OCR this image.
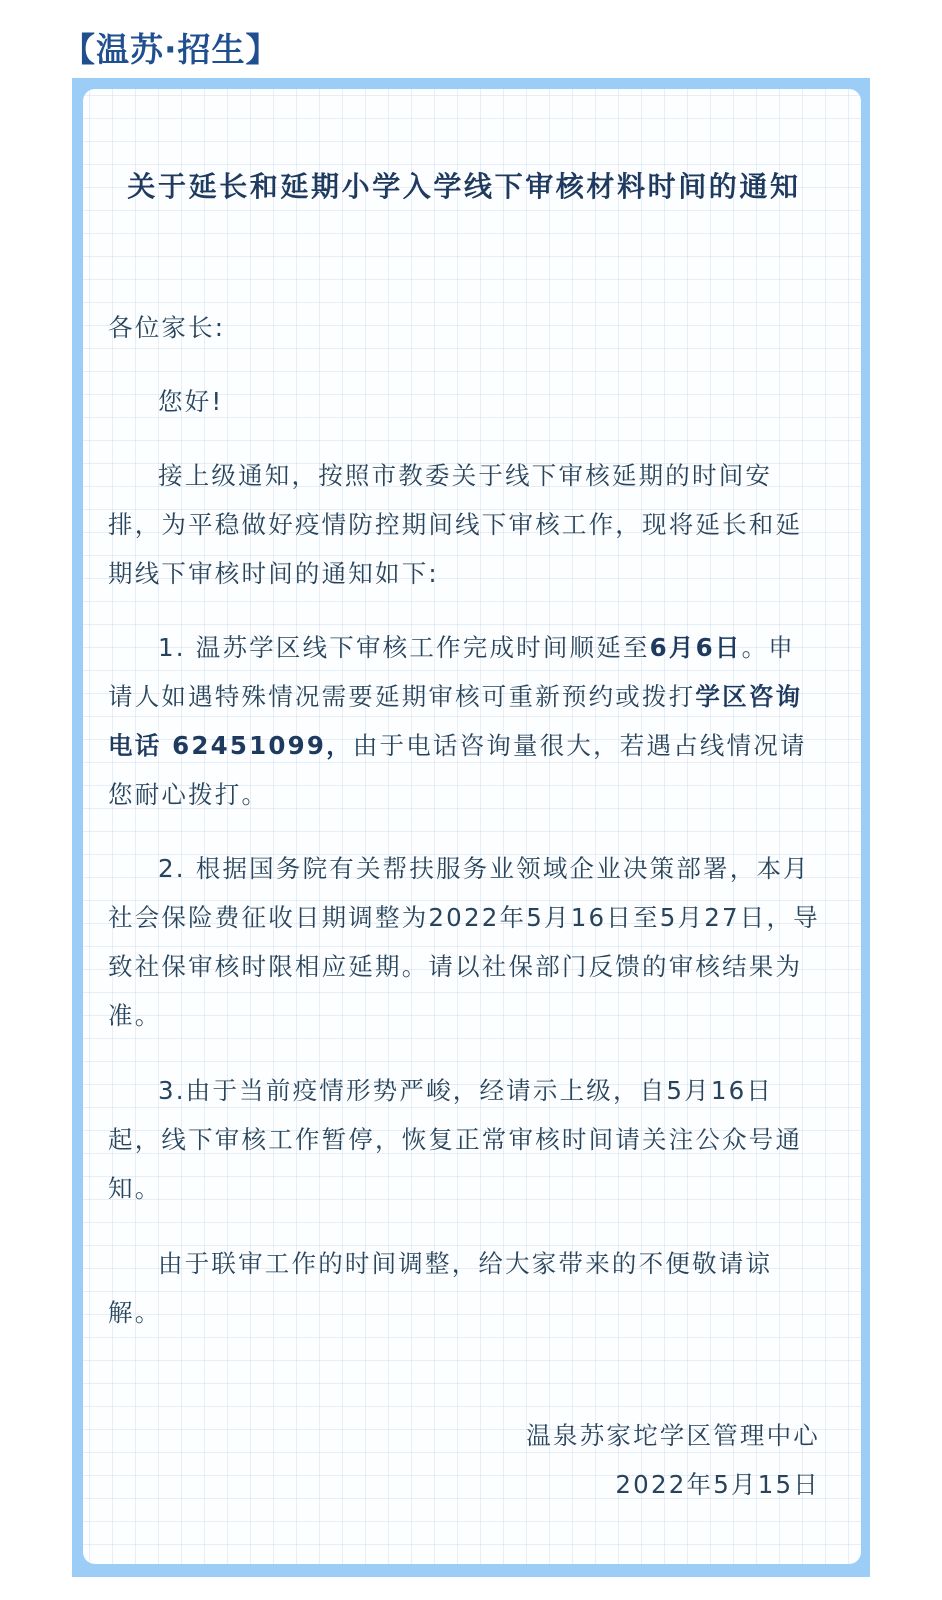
【温苏·招生】
关于延长和延期小学入学线下审核材料时间的通知

各位家长:

您好!

接上级通知，按照市教委关于线下审核延期的时间安排，为平稳做好疫情防控期间线下审核工作，现将延长和延期线下审核时间的通知如下:

1. 温苏学区线下审核工作完成时间顺延至6月6日。申请人如遇特殊情况需要延期审核可重新预约或拨打学区咨询电话 62451099，由于电话咨询量很大，若遇占线情况请您耐心拨打。

2. 根据国务院有关帮扶服务业领域企业决策部署，本月社会保险费征收日期调整为2022年5月16日至5月27日，导致社保审核时限相应延期。请以社保部门反馈的审核结果为准。

3.由于当前疫情形势严峻，经请示上级，自5月16日起，线下审核工作暂停，恢复正常审核时间请关注公众号通知。

由于联审工作的时间调整，给大家带来的不便敬请谅解。

温泉苏家坨学区管理中心

2022年5月15日
